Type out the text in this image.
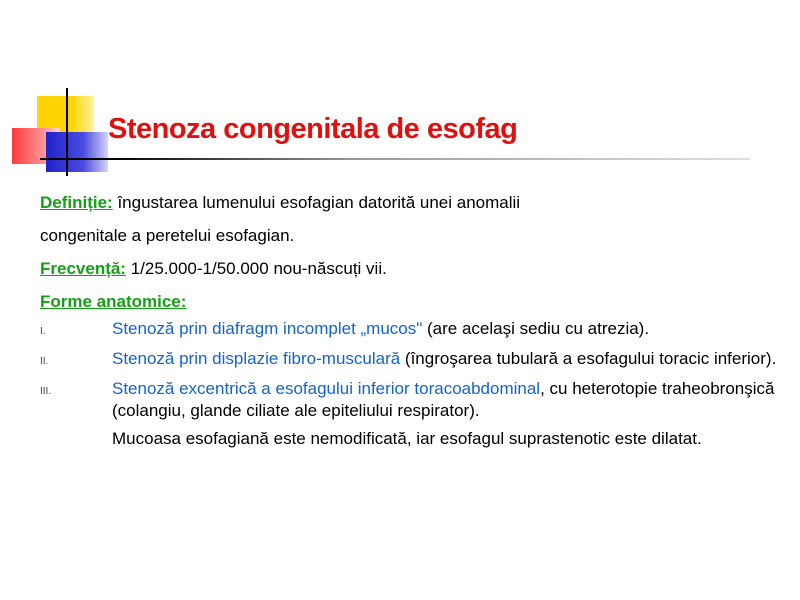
Stenoza congenitala de esofag
Definiție: îngustarea lumenului esofagian datorită unei anomalii
congenitale a peretelui esofagian.
Frecvență: 1/25.000-1/50.000 nou-născuți vii.
Forme anatomice:
I.	Stenoză prin diafragm incomplet „mucos" (are acelaşi sediu cu atrezia).
II.	Stenoză prin displazie fibro-musculară (îngroşarea tubulară a esofagului toracic inferior).
III.	Stenoză excentrică a esofagului inferior toracoabdominal, cu heterotopie traheobronşică (colangiu, glande ciliate ale epiteliului respirator).
Mucoasa esofagiană este nemodificată, iar esofagul suprastenotic este dilatat.
